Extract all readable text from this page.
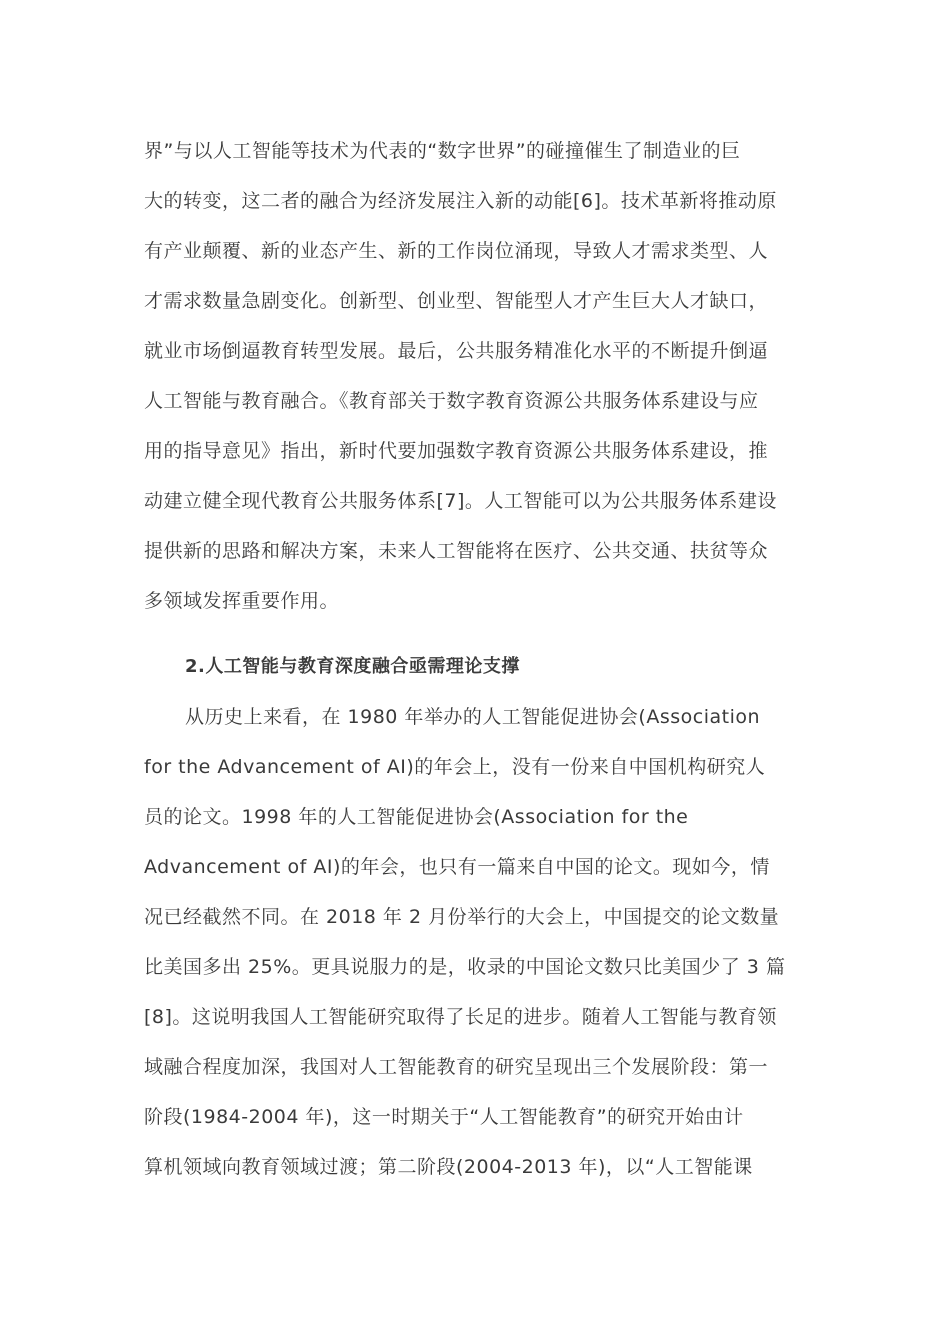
界”与以人工智能等技术为代表的“数字世界”的碰撞催生了制造业的巨
大的转变，这二者的融合为经济发展注入新的动能[6]。技术革新将推动原
有产业颠覆、新的业态产生、新的工作岗位涌现，导致人才需求类型、人
才需求数量急剧变化。创新型、创业型、智能型人才产生巨大人才缺口，
就业市场倒逼教育转型发展。最后，公共服务精准化水平的不断提升倒逼
人工智能与教育融合。《教育部关于数字教育资源公共服务体系建设与应
用的指导意见》指出，新时代要加强数字教育资源公共服务体系建设，推
动建立健全现代教育公共服务体系[7]。人工智能可以为公共服务体系建设
提供新的思路和解决方案，未来人工智能将在医疗、公共交通、扶贫等众
多领域发挥重要作用。
2.人工智能与教育深度融合亟需理论支撑
从历史上来看，在 1980 年举办的人工智能促进协会(Association
for the Advancement of AI)的年会上，没有一份来自中国机构研究人
员的论文。1998 年的人工智能促进协会(Association for the
Advancement of AI)的年会，也只有一篇来自中国的论文。现如今，情
况已经截然不同。在 2018 年 2 月份举行的大会上，中国提交的论文数量
比美国多出 25%。更具说服力的是，收录的中国论文数只比美国少了 3 篇
[8]。这说明我国人工智能研究取得了长足的进步。随着人工智能与教育领
域融合程度加深，我国对人工智能教育的研究呈现出三个发展阶段：第一
阶段(1984-2004 年)，这一时期关于“人工智能教育”的研究开始由计
算机领域向教育领域过渡；第二阶段(2004-2013 年)，以“人工智能课
